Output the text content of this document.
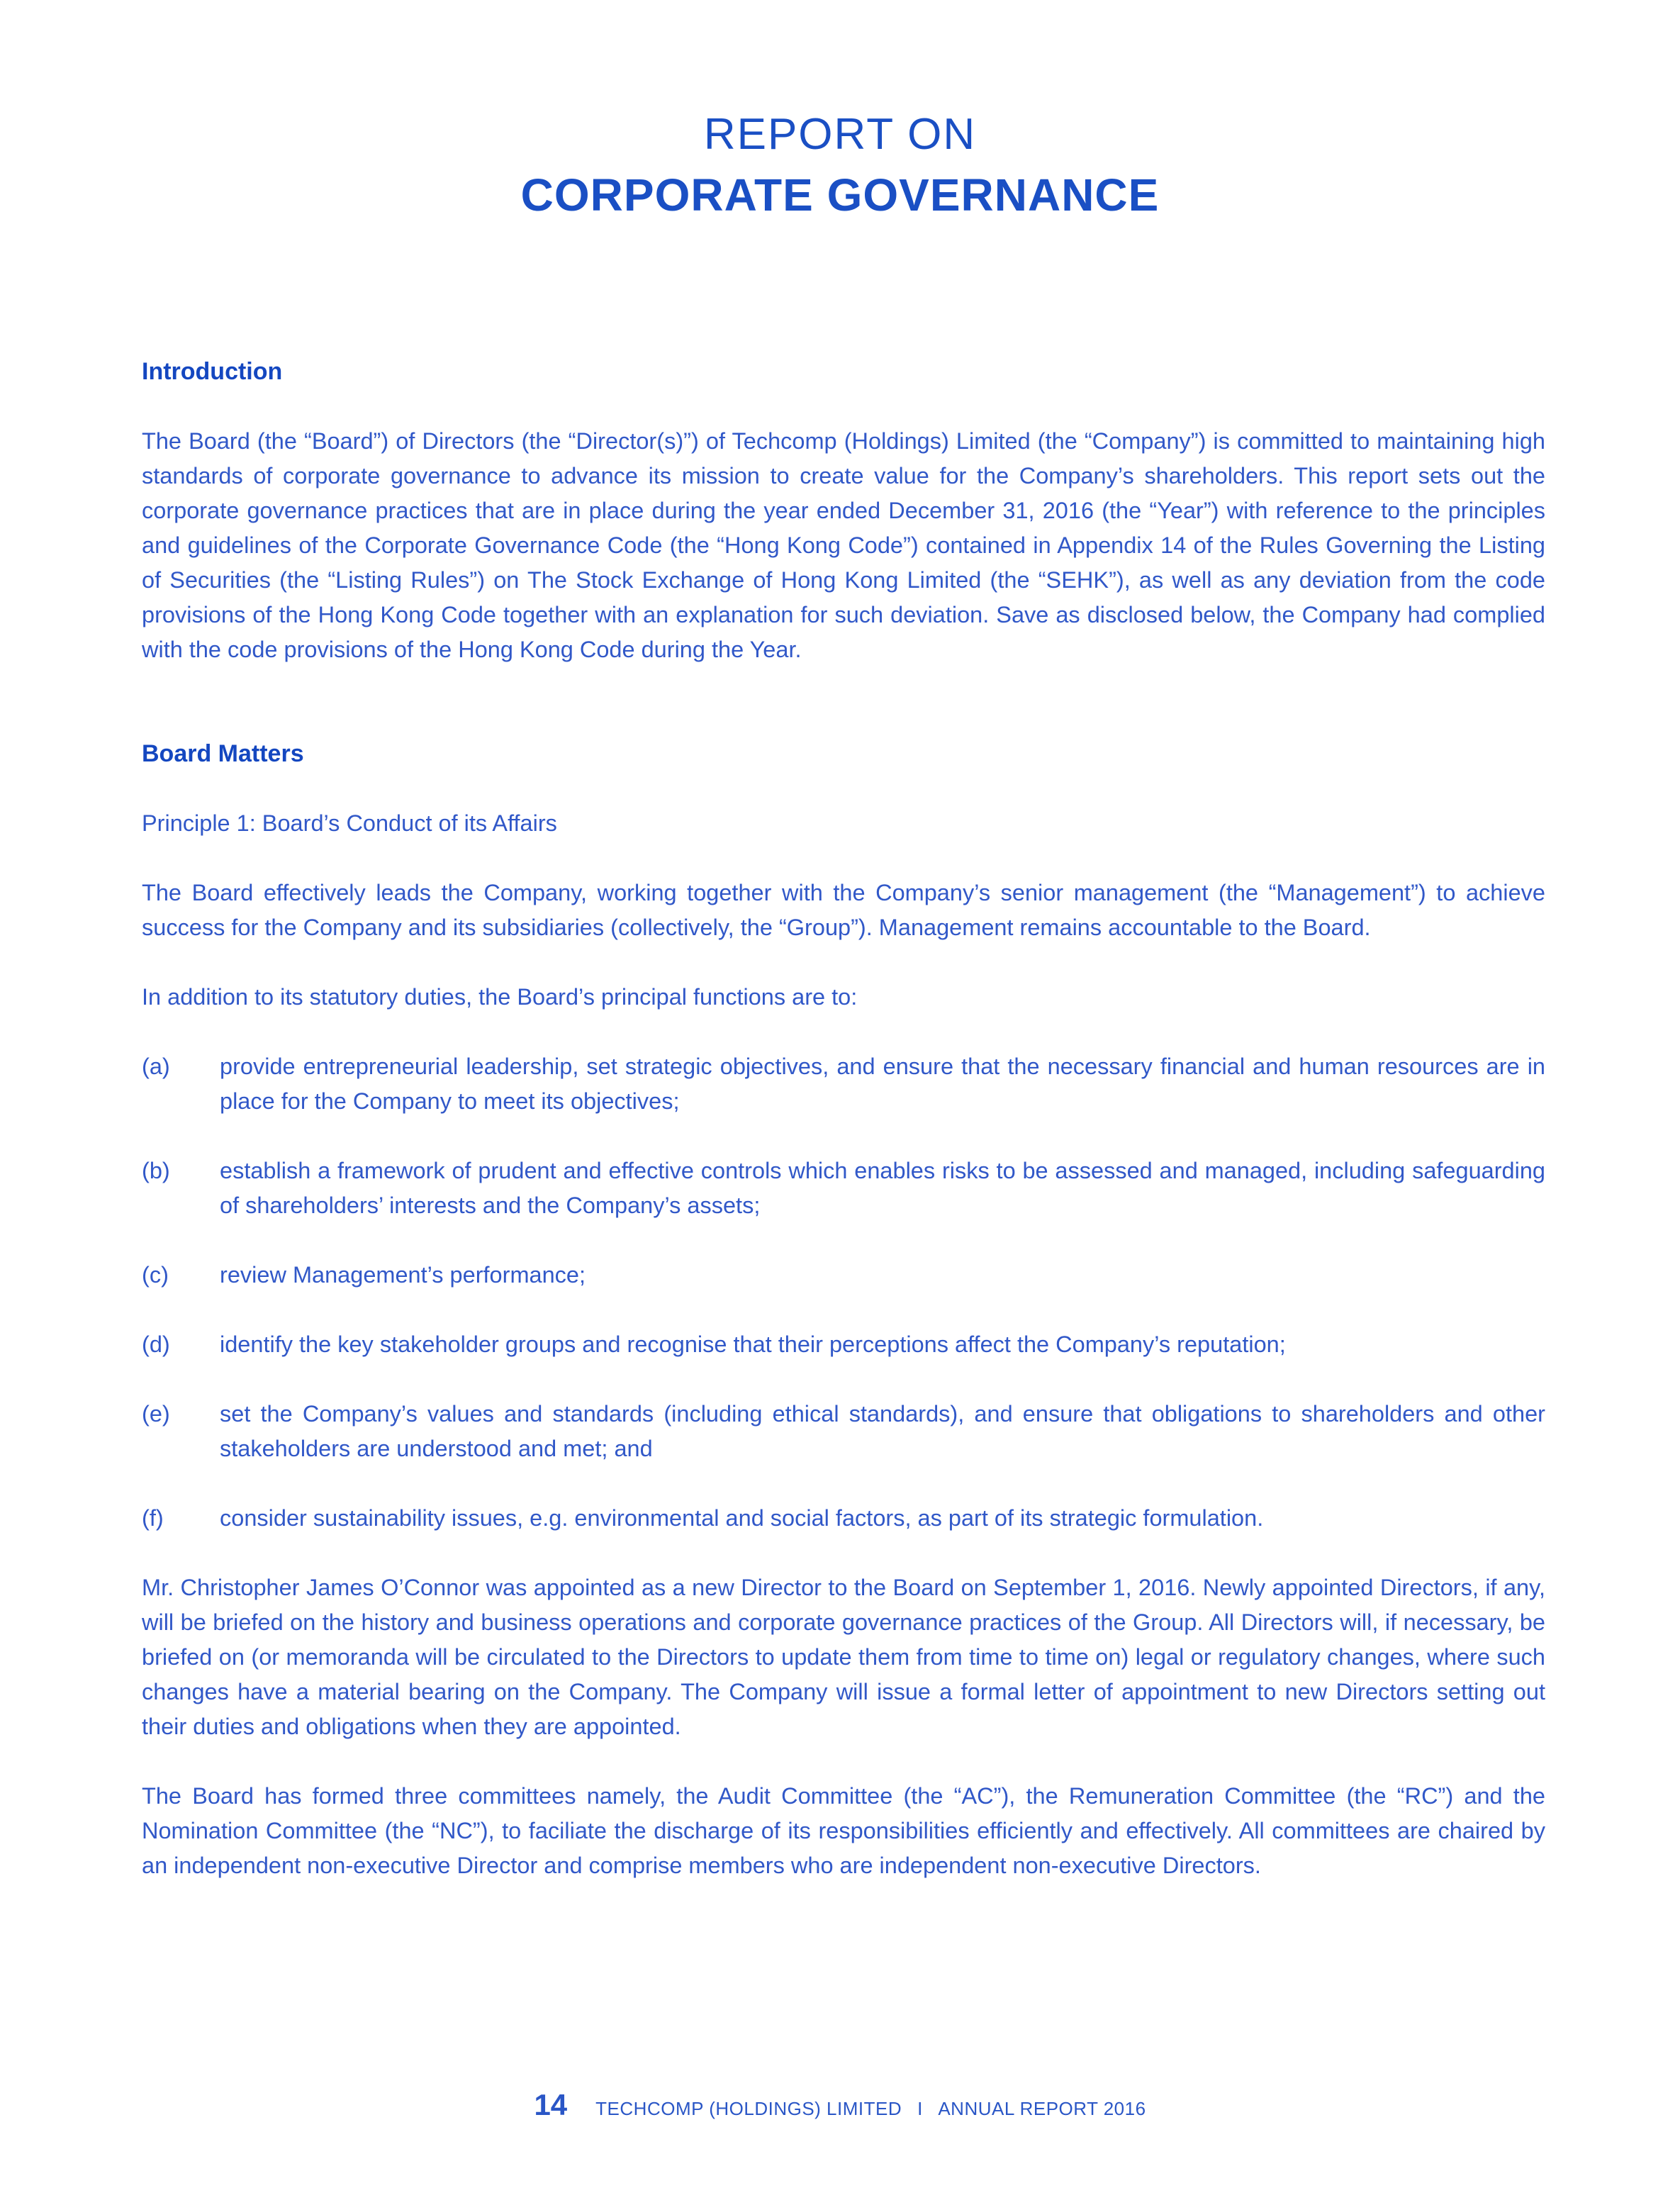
REPORT ON

CORPORATE GOVERNANCE

Introduction

The Board (the “Board”) of Directors (the “Director(s)”) of Techcomp (Holdings) Limited (the “Company”) is committed to maintaining high standards of corporate governance to advance its mission to create value for the Company’s shareholders. This report sets out the corporate governance practices that are in place during the year ended December 31, 2016 (the “Year”) with reference to the principles and guidelines of the Corporate Governance Code (the “Hong Kong Code”) contained in Appendix 14 of the Rules Governing the Listing of Securities (the “Listing Rules”) on The Stock Exchange of Hong Kong Limited (the “SEHK”), as well as any deviation from the code provisions of the Hong Kong Code together with an explanation for such deviation. Save as disclosed below, the Company had complied with the code provisions of the Hong Kong Code during the Year.

Board Matters

Principle 1: Board’s Conduct of its Affairs

The Board effectively leads the Company, working together with the Company’s senior management (the “Management”) to achieve success for the Company and its subsidiaries (collectively, the “Group”). Management remains accountable to the Board.

In addition to its statutory duties, the Board’s principal functions are to:

(a)	provide entrepreneurial leadership, set strategic objectives, and ensure that the necessary financial and human resources are in place for the Company to meet its objectives;
(b)	establish a framework of prudent and effective controls which enables risks to be assessed and managed, including safeguarding of shareholders’ interests and the Company’s assets;
(c)	review Management’s performance;
(d)	identify the key stakeholder groups and recognise that their perceptions affect the Company’s reputation;
(e)	set the Company’s values and standards (including ethical standards), and ensure that obligations to shareholders and other stakeholders are understood and met; and
(f)	consider sustainability issues, e.g. environmental and social factors, as part of its strategic formulation.

Mr. Christopher James O’Connor was appointed as a new Director to the Board on September 1, 2016. Newly appointed Directors, if any, will be briefed on the history and business operations and corporate governance practices of the Group. All Directors will, if necessary, be briefed on (or memoranda will be circulated to the Directors to update them from time to time on) legal or regulatory changes, where such changes have a material bearing on the Company. The Company will issue a formal letter of appointment to new Directors setting out their duties and obligations when they are appointed.

The Board has formed three committees namely, the Audit Committee (the “AC”), the Remuneration Committee (the “RC”) and the Nomination Committee (the “NC”), to faciliate the discharge of its responsibilities efficiently and effectively. All committees are chaired by an independent non-executive Director and comprise members who are independent non-executive Directors.

14 TECHCOMP (HOLDINGS) LIMITED I ANNUAL REPORT 2016
